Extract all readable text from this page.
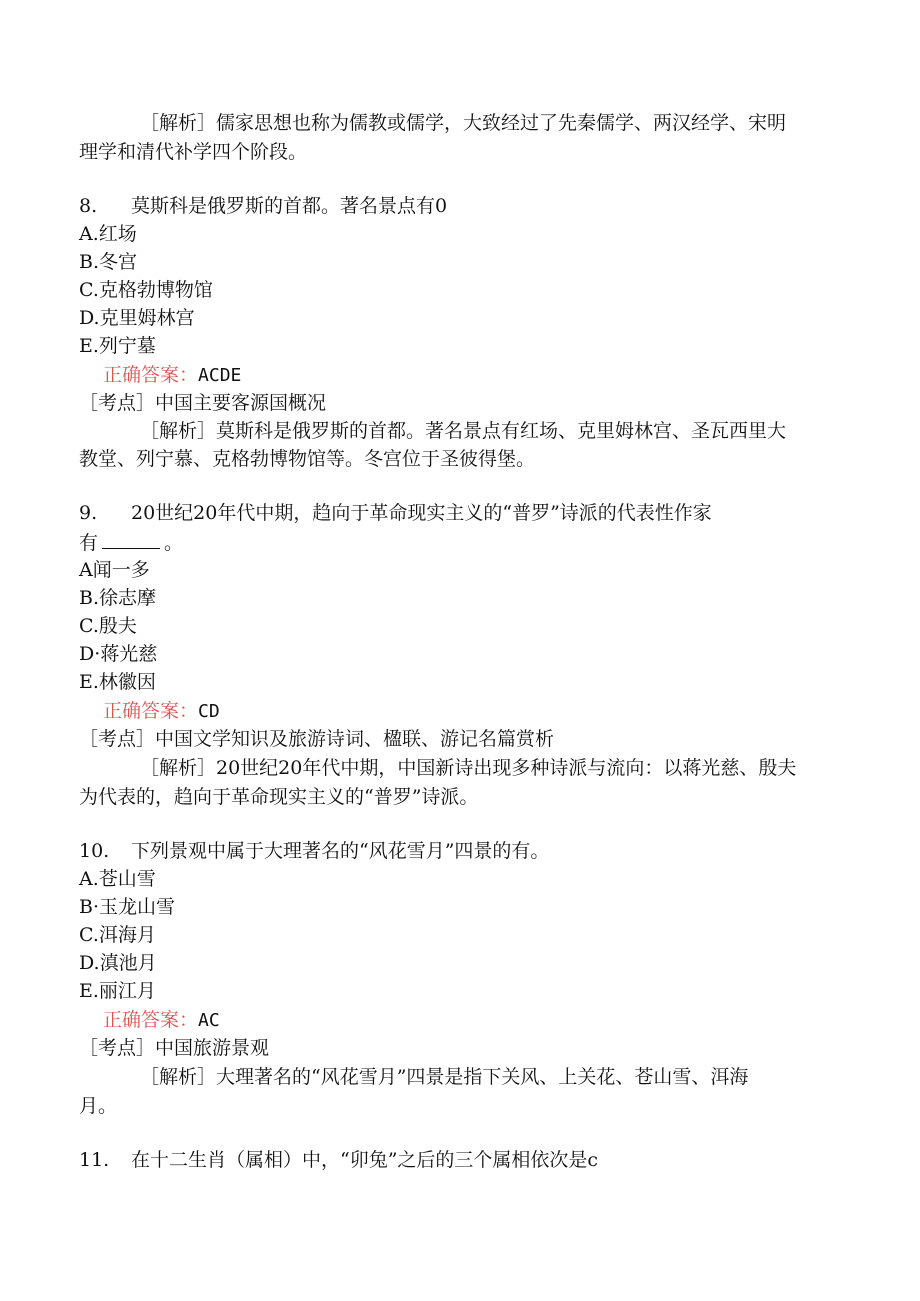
［解析］儒家思想也称为儒教或儒学，大致经过了先秦儒学、两汉经学、宋明
理学和清代补学四个阶段。
8. 莫斯科是俄罗斯的首都。著名景点有0
A.红场
B.冬宫
C.克格勃博物馆
D.克里姆林宫
E.列宁墓
正确答案：ACDE
［考点］中国主要客源国概况
［解析］莫斯科是俄罗斯的首都。著名景点有红场、克里姆林宫、圣瓦西里大
教堂、列宁慕、克格勃博物馆等。冬宫位于圣彼得堡。
9. 20世纪20年代中期，趋向于革命现实主义的“普罗”诗派的代表性作家
有	。
A闻一多
B.徐志摩
C.殷夫
D·蒋光慈
E.林徽因
正确答案：CD
［考点］中国文学知识及旅游诗词、楹联、游记名篇赏析
［解析］20世纪20年代中期，中国新诗出现多种诗派与流向：以蒋光慈、殷夫
为代表的，趋向于革命现实主义的“普罗”诗派。
10. 下列景观中属于大理著名的“风花雪月”四景的有。
A.苍山雪
B·玉龙山雪
C.洱海月
D.滇池月
E.丽江月
正确答案：AC
［考点］中国旅游景观
［解析］大理著名的“风花雪月”四景是指下关风、上关花、苍山雪、洱海
月。
11. 在十二生肖（属相）中，“卯兔”之后的三个属相依次是c
